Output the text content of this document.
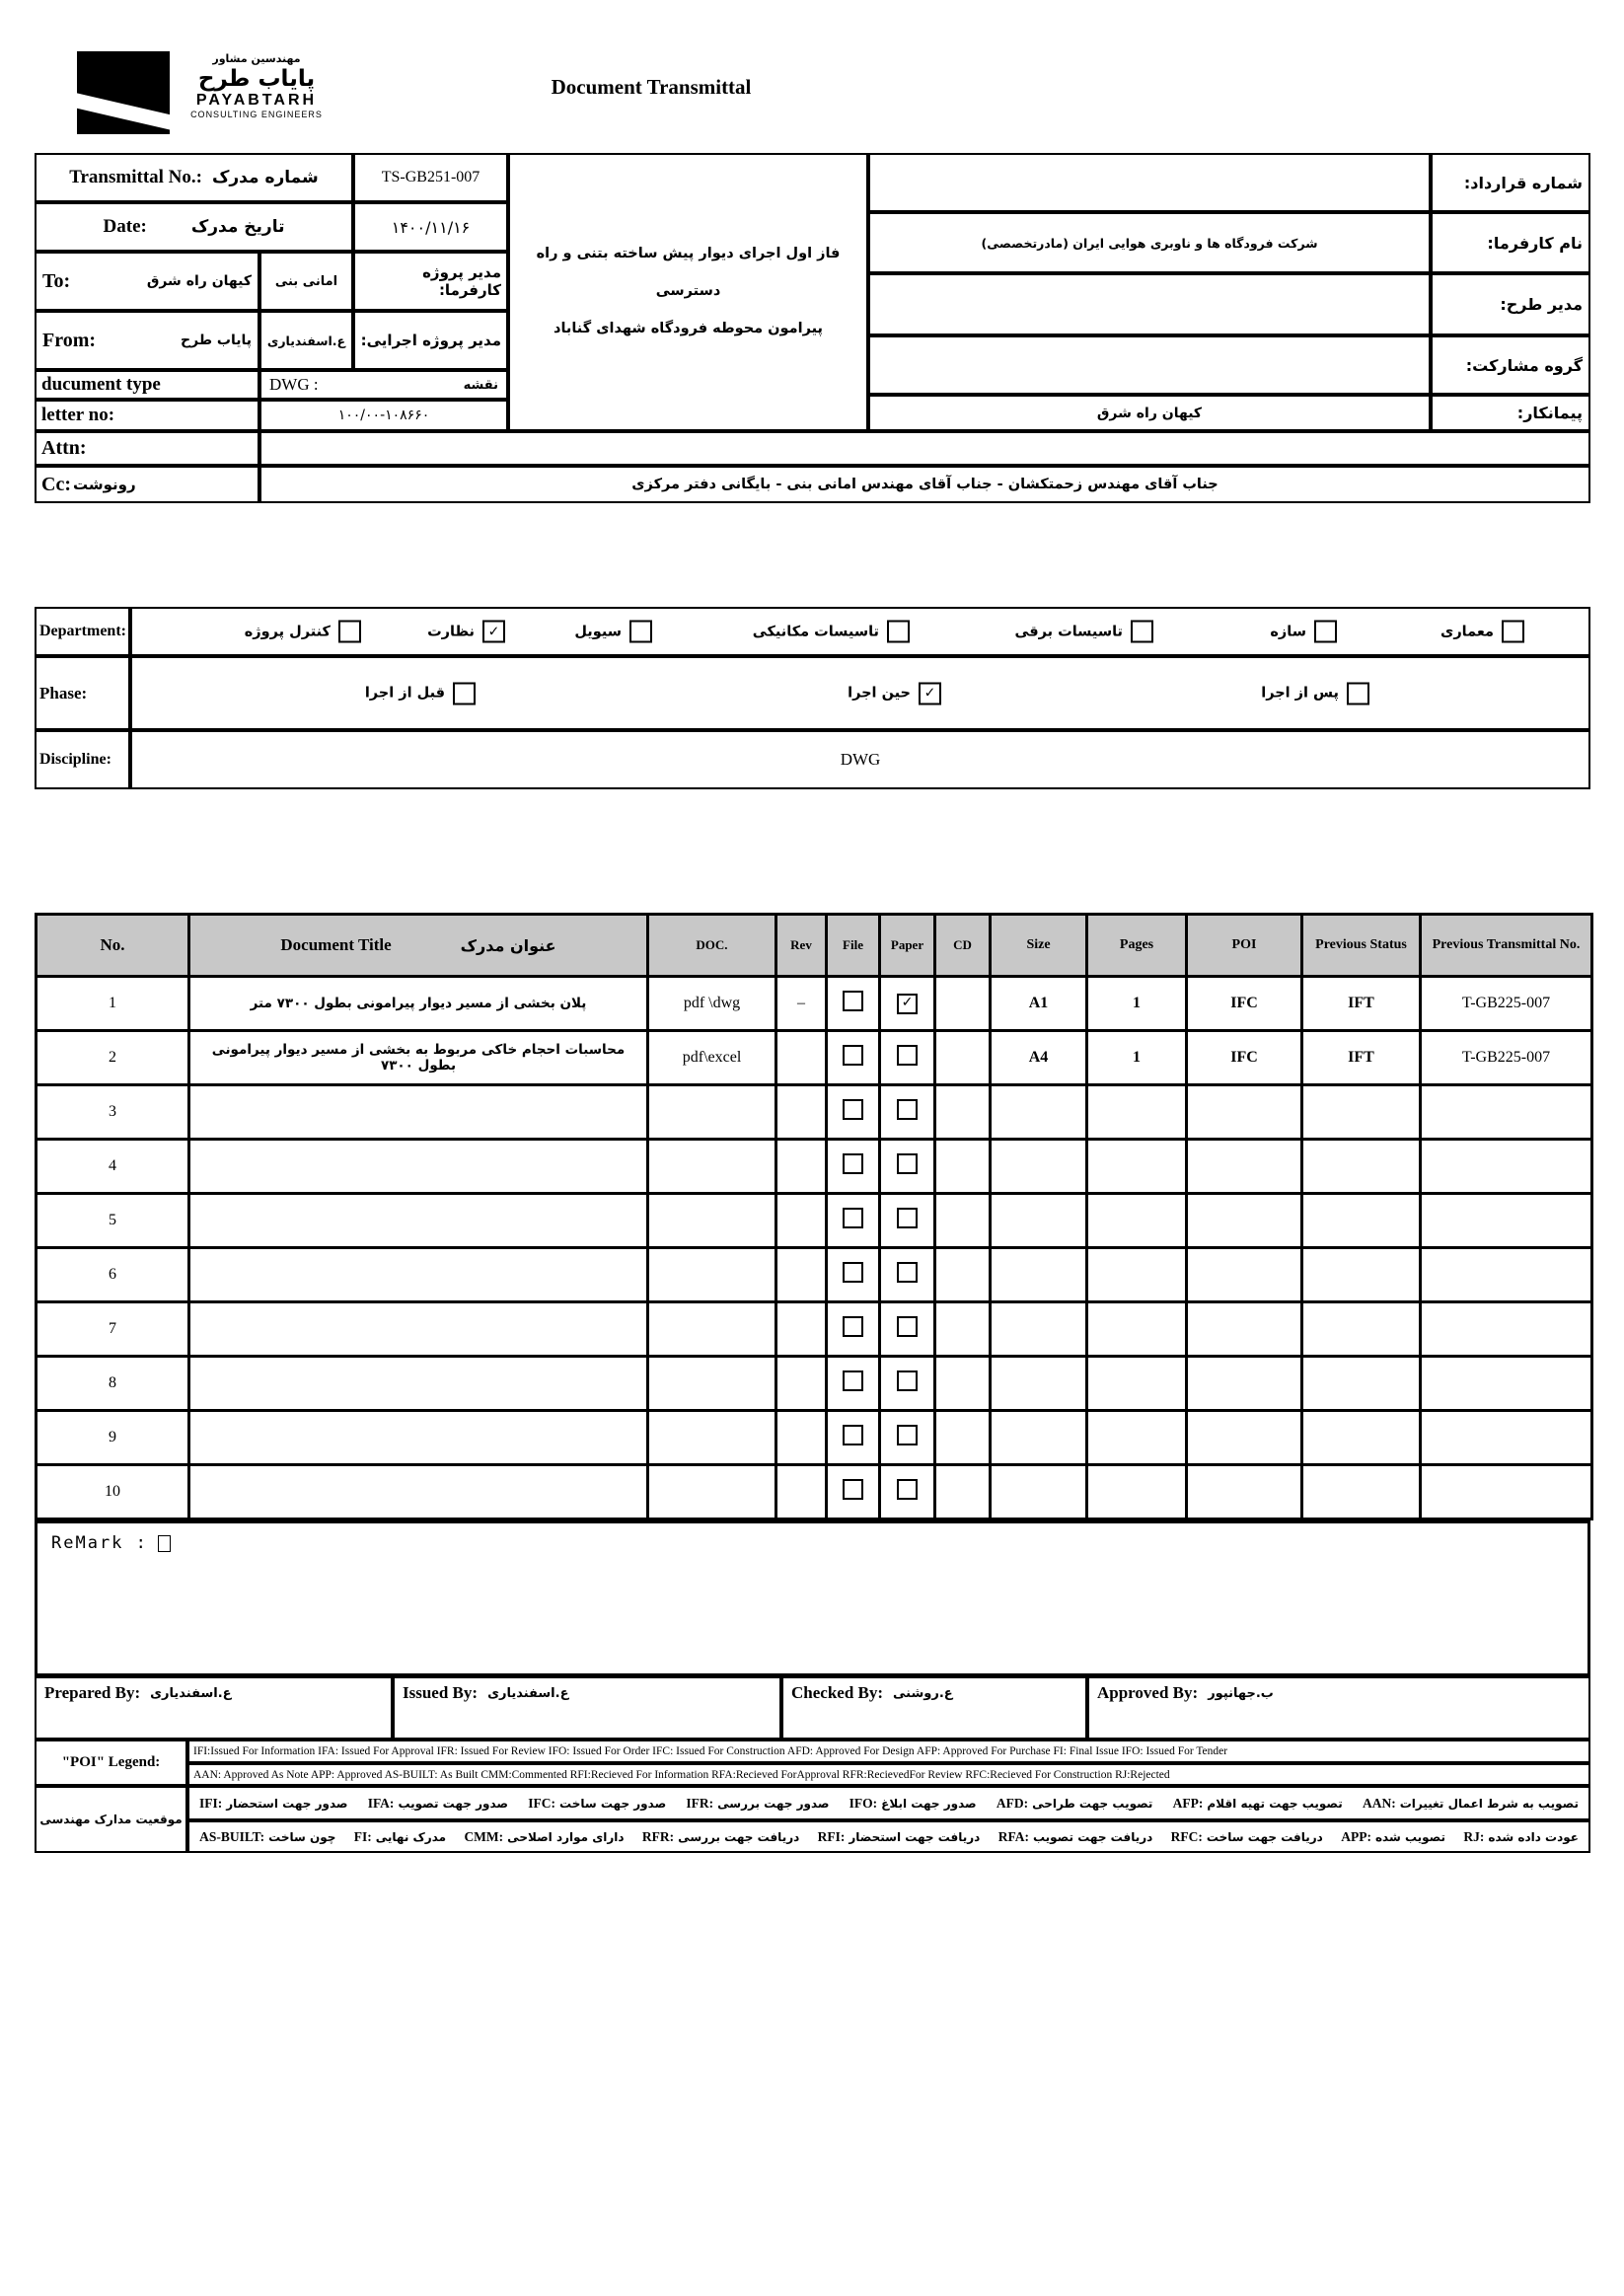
مهندسین مشاور
پایاب طرح
PAYABTARH
CONSULTING ENGINEERS
Document Transmittal
Transmittal No.: شماره مدرک	TS-GB251-007
Date:	تاریخ مدرک	۱۴۰۰/۱۱/۱۶
To:	کیهان راه شرق	امانی بنی	مدیر پروژه کارفرما:
From:	پایاب طرح	ع.اسفندیاری	مدیر پروژه اجرایی:
ducument type	DWG :	نقشه
letter no:	۱۰۰/۰۰-۱۰۸۶۶۰
Attn:
Cc: رونوشت	جناب آقای مهندس زحمتکشان - جناب آقای مهندس امانی بنی - بایگانی دفتر مرکزی
فاز اول اجرای دیوار پیش ساخته بتنی و راه دسترسی
پیرامون محوطه فرودگاه شهدای گناباد
شماره قرارداد:
نام کارفرما:
شرکت فرودگاه ها و ناوبری هوایی ایران (مادرتخصصی)
مدیر طرح:
گروه مشارکت:
پیمانکار:
کیهان راه شرق
Department:	معماری
سازه
تاسیسات برقی
تاسیسات مکانیکی
سیویل
✓
نظارت
کنترل پروژه
Phase:	پس از اجرا
✓
حین اجرا
قبل از اجرا
Discipline:	DWG
No.	Document Title عنوان مدرک	DOC.	Rev	File	Paper	CD	Size	Pages	POI	Previous Status	Previous Transmittal No.
1	پلان بخشی از مسیر دیوار پیرامونی بطول ۷۳۰۰ متر	pdf \dwg	–		✓		A1	1	IFC	IFT	T-GB225-007
2	محاسبات احجام خاکی مربوط به بخشی از مسیر دیوار پیرامونی بطول ۷۳۰۰	pdf\excel					A4	1	IFC	IFT	T-GB225-007
3											
4											
5											
6											
7											
8											
9											
10											
ReMark :
Prepared By: ع.اسفندیاری	Issued By: ع.اسفندیاری	Checked By: ع.روشنی	Approved By: ب.جهانپور
"POI" Legend:
IFI:Issued For Information IFA: Issued For Approval IFR: Issued For Review IFO: Issued For Order IFC: Issued For Construction AFD: Approved For Design AFP: Approved For Purchase FI: Final Issue IFO: Issued For Tender
AAN: Approved As Note APP: Approved AS-BUILT: As Built CMM:Commented RFI:Recieved For Information RFA:Recieved ForApproval RFR:RecievedFor Review RFC:Recieved For Construction RJ:Rejected
موقعیت مدارک مهندسی
AAN: تصویب به شرط اعمال تغییرات
AFP: تصویب جهت تهیه اقلام
AFD: تصویب جهت طراحی
IFO: صدور جهت ابلاغ
IFR: صدور جهت بررسی
IFC: صدور جهت ساخت
IFA: صدور جهت تصویب
IFI: صدور جهت استحضار
RJ: عودت داده شده
APP: تصویب شده
RFC: دریافت جهت ساخت
RFA: دریافت جهت تصویب
RFI: دریافت جهت استحضار
RFR: دریافت جهت بررسی
CMM: دارای موارد اصلاحی
FI: مدرک نهایی
AS-BUILT: چون ساخت
